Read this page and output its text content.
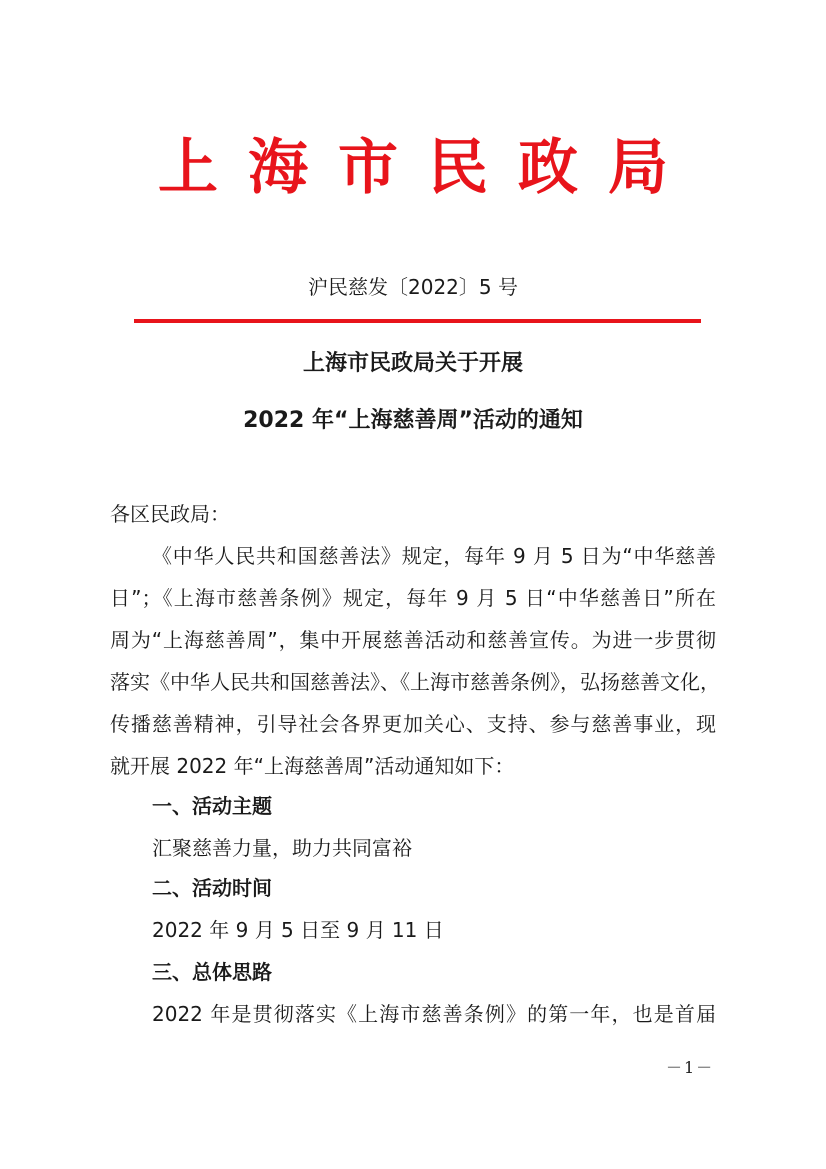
上海市民政局
沪民慈发〔2022〕5 号
上海市民政局关于开展
2022 年“上海慈善周”活动的通知
各区民政局：
《中华人民共和国慈善法》规定，每年 9 月 5 日为“中华慈善
日”；《上海市慈善条例》规定，每年 9 月 5 日“中华慈善日”所在
周为“上海慈善周”，集中开展慈善活动和慈善宣传。为进一步贯彻
落实《中华人民共和国慈善法》、《上海市慈善条例》，弘扬慈善文化，
传播慈善精神，引导社会各界更加关心、支持、参与慈善事业，现
就开展 2022 年“上海慈善周”活动通知如下：
一、活动主题
汇聚慈善力量，助力共同富裕
二、活动时间
2022 年 9 月 5 日至 9 月 11 日
三、总体思路
2022 年是贯彻落实《上海市慈善条例》的第一年，也是首届
－1－
